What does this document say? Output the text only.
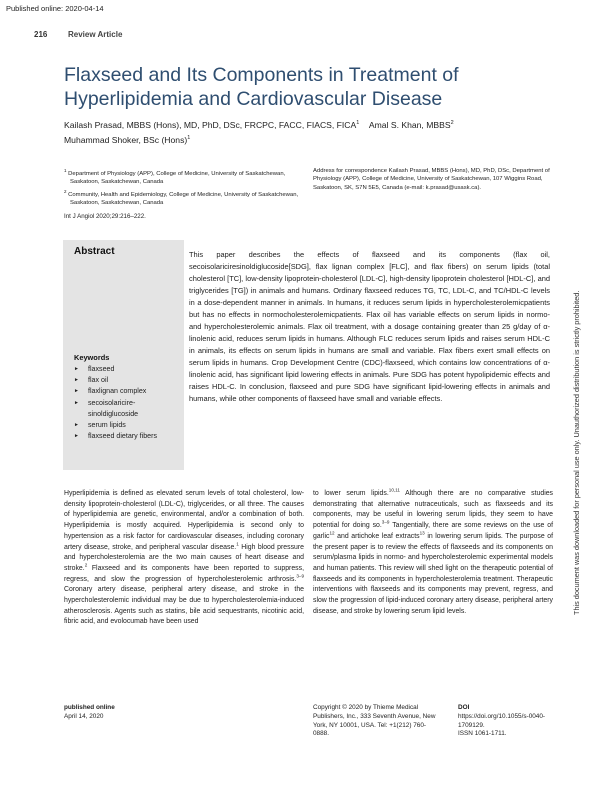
Published online: 2020-04-14
216	Review Article
Flaxseed and Its Components in Treatment of Hyperlipidemia and Cardiovascular Disease
Kailash Prasad, MBBS (Hons), MD, PhD, DSc, FRCPC, FACC, FIACS, FICA$^1$ Amal S. Khan, MBBS$^2$
Muhammad Shoker, BSc (Hons)$^1$

$^1$ Department of Physiology (APP), College of Medicine, University of Saskatchewan, Saskatoon, Saskatchewan, Canada

$^2$ Community, Health and Epidemiology, College of Medicine, University of Saskatchewan, Saskatoon, Saskatchewan, Canada

Address for correspondence Kailash Prasad, MBBS (Hons), MD, PhD, DSc, Department of Physiology (APP), College of Medicine, University of Saskatchewan, 107 Wiggins Road, Saskatoon, SK, S7N 5E5, Canada (e-mail: k.prasad@usask.ca).
Int J Angiol 2020;29:216–222.
Abstract
Keywords
► flaxseed
► flax oil
► flaxlignan complex
► secoisolaricire-sinoldiglucoside
► serum lipids
► flaxseed dietary fibers
This paper describes the effects of flaxseed and its components (flax oil, secoisolariciresinoldiglucoside[SDG], flax lignan complex [FLC], and flax fibers) on serum lipids (total cholesterol [TC], low-density lipoprotein-cholesterol [LDL-C], high-density lipoprotein cholesterol [HDL-C], and triglycerides [TG]) in animals and humans. Ordinary flaxseed reduces TG, TC, LDL-C, and TC/HDL-C levels in a dose-dependent manner in animals. In humans, it reduces serum lipids in hypercholesterolemicpatients but has no effects in normocholesterolemicpatients. Flax oil has variable effects on serum lipids in normo- and hypercholesterolemic animals. Flax oil treatment, with a dosage containing greater than 25 g/day of α-linolenic acid, reduces serum lipids in humans. Although FLC reduces serum lipids and raises serum HDL-C in animals, its effects on serum lipids in humans are small and variable. Flax fibers exert small effects on serum lipids in humans. Crop Development Centre (CDC)-flaxseed, which contains low concentrations of α-linolenic acid, has significant lipid lowering effects in animals. Pure SDG has potent hypolipidemic effects and raises HDL-C. In conclusion, flaxseed and pure SDG have significant lipid-lowering effects in animals and humans, while other components of flaxseed have small and variable effects.
Hyperlipidemia is defined as elevated serum levels of total cholesterol, low-density lipoprotein-cholesterol (LDL-C), triglycerides, or all three. The causes of hyperlipidemia are genetic, environmental, and/or a combination of both. Hyperlipidemia is mostly acquired. Hyperlipidemia is second only to hypertension as a risk factor for cardiovascular diseases, including coronary artery disease, stroke, and peripheral vascular disease.$^1$ High blood pressure and hypercholesterolemia are the two main causes of heart disease and stroke.$^2$ Flaxseed and its components have been reported to suppress, regress, and slow the progression of hypercholesterolemic arthrosis.$^{3-9}$ Coronary artery disease, peripheral artery disease, and stroke in the hypercholesterolemic individual may be due to hypercholesterolemia-induced atherosclerosis. Agents such as statins, bile acid sequestrants, nicotinic acid, fibric acid, and evolocumab have been used
to lower serum lipids.$^{10,11}$ Although there are no comparative studies demonstrating that alternative nutraceuticals, such as flaxseeds and its components, may be useful in lowering serum lipids, they seem to have potential for doing so.$^{3-9}$ Tangentially, there are some reviews on the use of garlic$^{12}$ and artichoke leaf extracts$^{13}$ in lowering serum lipids. The purpose of the present paper is to review the effects of flaxseeds and its components on serum/plasma lipids in normo- and hypercholesterolemic experimental models and human patients. This review will shed light on the therapeutic potential of flaxseeds and its components in hypercholesterolemia treatment. Therapeutic interventions with flaxseeds and its components may prevent, regress, and slow the progression of lipid-induced coronary artery disease, peripheral artery disease, and stroke by lowering serum lipid levels.
published online
April 14, 2020
Copyright © 2020 by Thieme Medical Publishers, Inc., 333 Seventh Avenue, New York, NY 10001, USA. Tel: +1(212) 760-0888.
DOI
https://doi.org/10.1055/s-0040-1709129.
ISSN 1061-1711.
This document was downloaded for personal use only. Unauthorized distribution is strictly prohibited.
